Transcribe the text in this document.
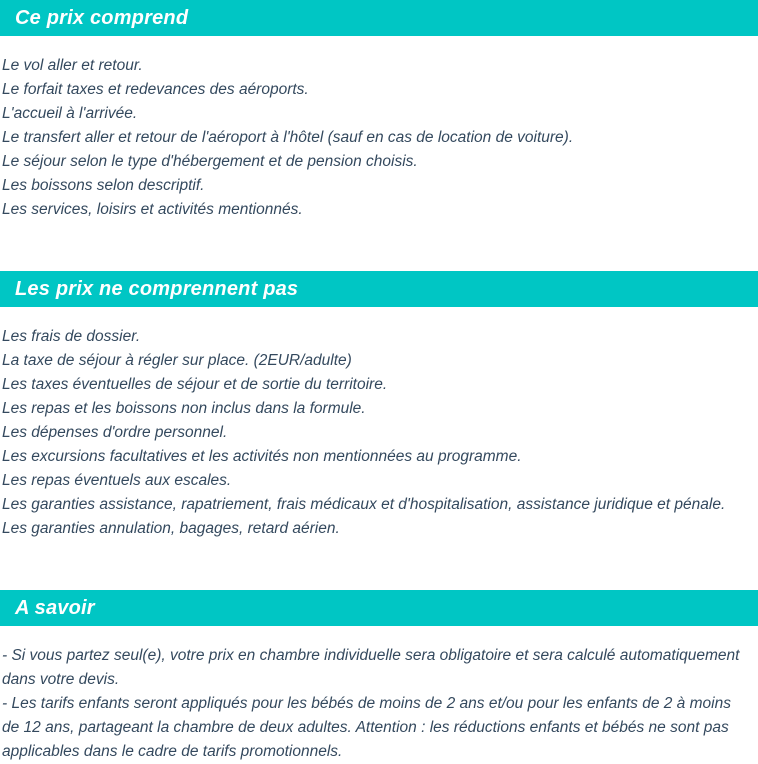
Ce prix comprend

Le vol aller et retour.

Le forfait taxes et redevances des aéroports.

L'accueil à l'arrivée.

Le transfert aller et retour de l'aéroport à l'hôtel (sauf en cas de location de voiture).

Le séjour selon le type d'hébergement et de pension choisis.

Les boissons selon descriptif.

Les services, loisirs et activités mentionnés.

Les prix ne comprennent pas

Les frais de dossier.

La taxe de séjour à régler sur place. (2EUR/adulte)

Les taxes éventuelles de séjour et de sortie du territoire.

Les repas et les boissons non inclus dans la formule.

Les dépenses d'ordre personnel.

Les excursions facultatives et les activités non mentionnées au programme.

Les repas éventuels aux escales.

Les garanties assistance, rapatriement, frais médicaux et d'hospitalisation, assistance juridique et pénale.

Les garanties annulation, bagages, retard aérien.

A savoir

- Si vous partez seul(e), votre prix en chambre individuelle sera obligatoire et sera calculé automatiquement dans votre devis.

- Les tarifs enfants seront appliqués pour les bébés de moins de 2 ans et/ou pour les enfants de 2 à moins de 12 ans, partageant la chambre de deux adultes. Attention : les réductions enfants et bébés ne sont pas applicables dans le cadre de tarifs promotionnels.
